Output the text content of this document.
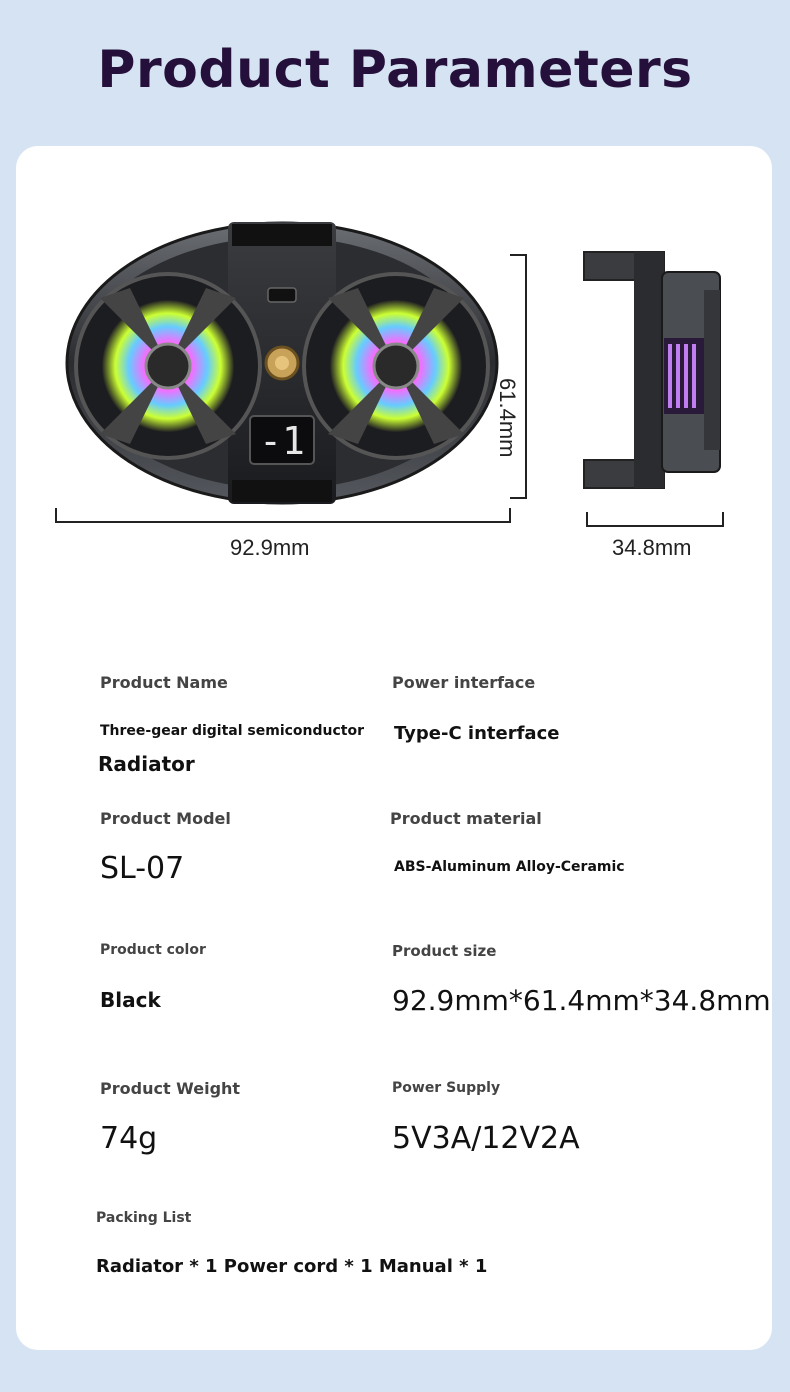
Product Parameters
-1
92.9mm
61.4mm
34.8mm
Product Name
Three-gear digital semiconductor
Radiator
Power interface
Type-C interface
Product Model
SL-07
Product material
ABS-Aluminum Alloy-Ceramic
Product color
Black
Product size
92.9mm*61.4mm*34.8mm
Product Weight
74g
Power Supply
5V3A/12V2A
Packing List
Radiator * 1 Power cord * 1 Manual * 1
